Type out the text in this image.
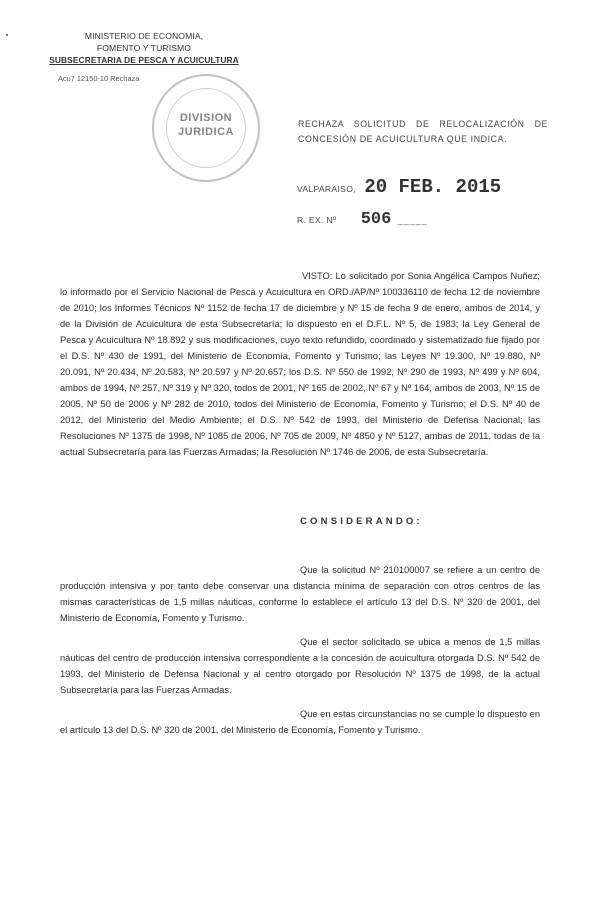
MINISTERIO DE ECONOMIA,
FOMENTO Y TURISMO
SUBSECRETARIA DE PESCA Y ACUICULTURA
Acu7 12150-10 Rechaza
DIVISION
JURIDICA
RECHAZA SOLICITUD DE RELOCALIZACIÓN DE CONCESIÓN DE ACUICULTURA QUE INDICA.
VALPARAISO, 20 FEB. 2015
R. EX. Nº 506 _____
VISTO: Lo solicitado por Sonia Angélica Campos Nuñez; lo informado por el Servicio Nacional de Pesca y Acuicultura en ORD./AP/Nº 100336110 de fecha 12 de noviembre de 2010; los Informes Técnicos Nº 1152 de fecha 17 de diciembre y Nº 15 de fecha 9 de enero, ambos de 2014, y de la División de Acuicultura de esta Subsecretaría; lo dispuesto en el D.F.L. Nº 5, de 1983; la Ley General de Pesca y Acuicultura Nº 18.892 y sus modificaciones, cuyo texto refundido, coordinado y sistematizado fue fijado por el D.S. Nº 430 de 1991, del Ministerio de Economía, Fomento y Turismo; las Leyes Nº 19.300, Nº 19.880, Nº 20.091, Nº 20.434, Nº 20.583, Nº 20.597 y Nº 20.657; los D.S. Nº 550 de 1992, Nº 290 de 1993, Nº 499 y Nº 604, ambos de 1994, Nº 257, Nº 319 y Nº 320, todos de 2001, Nº 165 de 2002, Nº 67 y Nº 164, ambos de 2003, Nº 15 de 2005, Nº 50 de 2006 y Nº 282 de 2010, todos del Ministerio de Economía, Fomento y Turismo; el D.S. Nº 40 de 2012, del Ministerio del Medio Ambiente; el D.S. Nº 542 de 1993, del Ministerio de Defensa Nacional; las Resoluciones Nº 1375 de 1998, Nº 1085 de 2006, Nº 705 de 2009, Nº 4850 y Nº 5127, ambas de 2011, todas de la actual Subsecretaría para las Fuerzas Armadas; la Resolución Nº 1746 de 2006, de esta Subsecretaría.
CONSIDERANDO:
Que la solicitud Nº 210100007 se refiere a un centro de producción intensiva y por tanto debe conservar una distancia mínima de separación con otros centros de las mismas características de 1,5 millas náuticas, conforme lo establece el artículo 13 del D.S. Nº 320 de 2001, del Ministerio de Economía, Fomento y Turismo.
Que el sector solicitado se ubica a menos de 1,5 millas náuticas del centro de producción intensiva correspondiente a la concesión de acuicultura otorgada D.S. Nº 542 de 1993, del Ministerio de Defensa Nacional y al centro otorgado por Resolución Nº 1375 de 1998, de la actual Subsecretaría para las Fuerzas Armadas.
Que en estas circunstancias no se cumple lo dispuesto en el artículo 13 del D.S. Nº 320 de 2001, del Ministerio de Economía, Fomento y Turismo.
